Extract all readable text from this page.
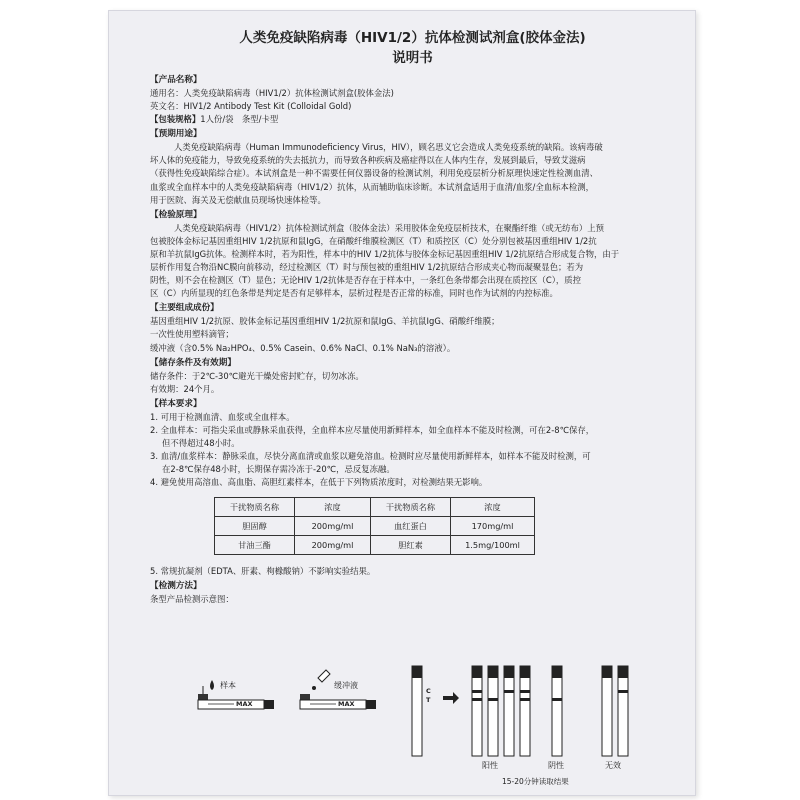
人类免疫缺陷病毒（HIV1/2）抗体检测试剂盒(胶体金法)
说明书
【产品名称】
通用名：人类免疫缺陷病毒（HIV1/2）抗体检测试剂盒(胶体金法)
英文名：HIV1/2 Antibody Test Kit (Colloidal Gold)
【包装规格】1人份/袋　条型/卡型
【预期用途】
人类免疫缺陷病毒（Human Immunodeficiency Virus，HIV），顾名思义它会造成人类免疫系统的缺陷。该病毒破
坏人体的免疫能力，导致免疫系统的失去抵抗力，而导致各种疾病及癌症得以在人体内生存，发展到最后，导致艾滋病
（获得性免疫缺陷综合症）。本试剂盒是一种不需要任何仪器设备的检测试剂，利用免疫层析分析原理快速定性检测血清、
血浆或全血样本中的人类免疫缺陷病毒（HIV1/2）抗体，从而辅助临床诊断。本试剂盒适用于血清/血浆/全血标本检测，
用于医院、海关及无偿献血员现场快速体检等。
【检验原理】
人类免疫缺陷病毒（HIV1/2）抗体检测试剂盒（胶体金法）采用胶体金免疫层析技术，在聚酯纤维（或无纺布）上预
包被胶体金标记基因重组HIV 1/2抗原和鼠IgG，在硝酸纤维膜检测区（T）和质控区（C）处分别包被基因重组HIV 1/2抗
原和羊抗鼠IgG抗体。检测样本时，若为阳性，样本中的HIV 1/2抗体与胶体金标记基因重组HIV 1/2抗原结合形成复合物，由于
层析作用复合物沿NC膜向前移动，经过检测区（T）时与预包被的重组HIV 1/2抗原结合形成夹心物而凝聚显色；若为
阴性，则不会在检测区（T）显色；无论HIV 1/2抗体是否存在于样本中，一条红色条带都会出现在质控区（C），质控
区（C）内所显现的红色条带是判定是否有足够样本，层析过程是否正常的标准，同时也作为试剂的内控标准。
【主要组成成份】
基因重组HIV 1/2抗原、胶体金标记基因重组HIV 1/2抗原和鼠IgG、羊抗鼠IgG、硝酸纤维膜；
一次性使用塑料滴管；
缓冲液（含0.5% Na₂HPO₄、0.5% Casein、0.6% NaCl、0.1% NaN₃的溶液）。
【储存条件及有效期】
储存条件：于2℃-30℃避光干燥处密封贮存，切勿冰冻。
有效期：24个月。
【样本要求】
1. 可用于检测血清、血浆或全血样本。
2. 全血样本：可指尖采血或静脉采血获得，全血样本应尽量使用新鲜样本，如全血样本不能及时检测，可在2-8℃保存，
但不得超过48小时。
3. 血清/血浆样本：静脉采血，尽快分离血清或血浆以避免溶血。检测时应尽量使用新鲜样本，如样本不能及时检测，可
在2-8℃保存48小时，长期保存需冷冻于-20℃，忌反复冻融。
4. 避免使用高溶血、高血脂、高胆红素样本，在低于下列物质浓度时，对检测结果无影响。
干扰物质名称	浓度	干扰物质名称	浓度
胆固醇	200mg/ml	血红蛋白	170mg/ml
甘油三酯	200mg/ml	胆红素	1.5mg/100ml
5. 常规抗凝剂（EDTA、肝素、枸橼酸钠）不影响实验结果。
【检测方法】
条型产品检测示意图：
样本	缓冲液
MAX	MAX
C
T
阳性	阴性	无效
15-20分钟读取结果
